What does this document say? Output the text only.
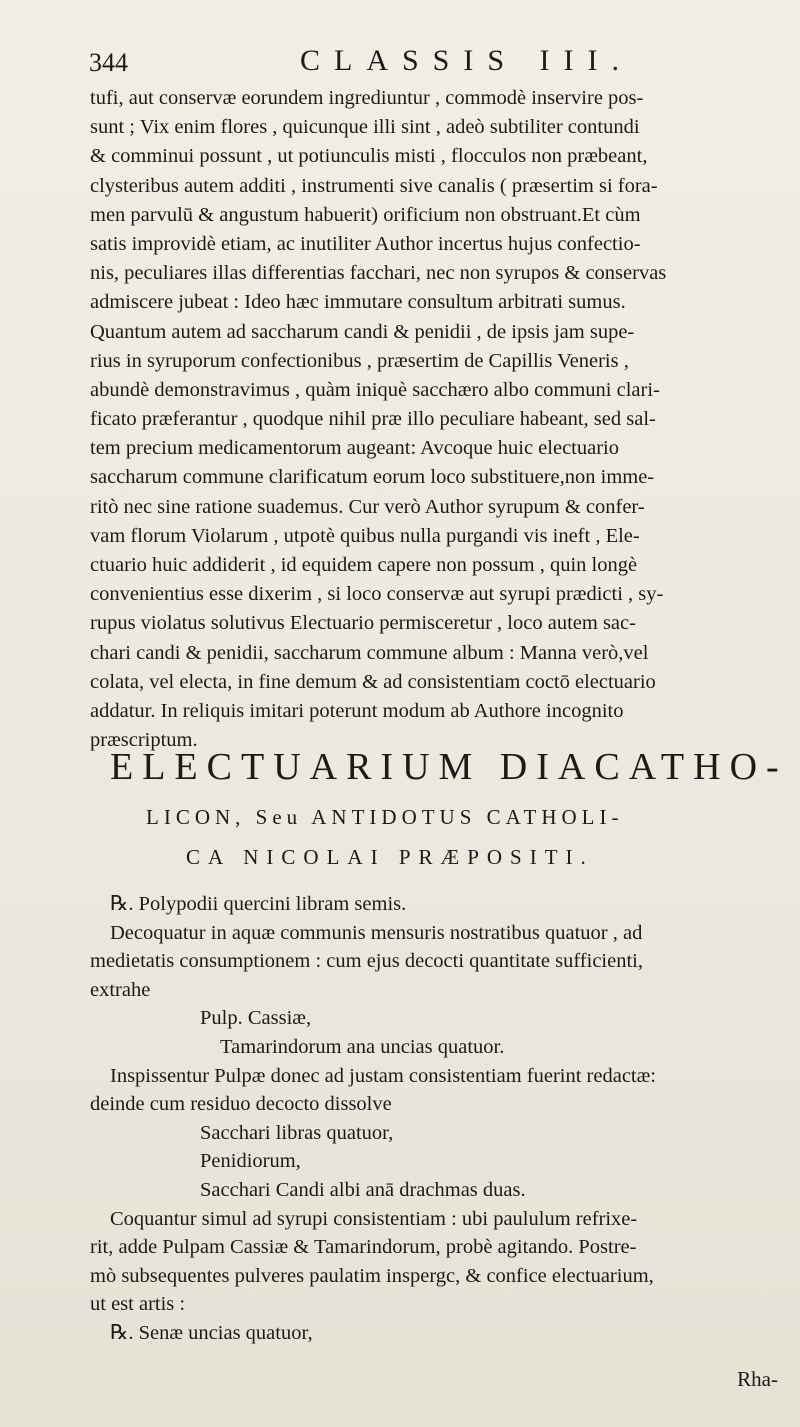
344	CLASSIS III.
tufi, aut conservæ eorundem ingrediuntur , commodè inservire pos-
sunt ; Vix enim flores , quicunque illi sint , adeò subtiliter contundi
& comminui possunt , ut potiunculis misti , flocculos non præbeant,
clysteribus autem additi , instrumenti sive canalis ( præsertim si fora-
men parvulū & angustum habuerit) orificium non obstruant.Et cùm
satis improvidè etiam, ac inutiliter Author incertus hujus confectio-
nis, peculiares illas differentias facchari, nec non syrupos & conservas
admiscere jubeat : Ideo hæc immutare consultum arbitrati sumus.
Quantum autem ad saccharum candi & penidii , de ipsis jam supe-
rius in syruporum confectionibus , præsertim de Capillis Veneris ,
abundè demonstravimus , quàm iniquè sacchæro albo communi clari-
ficato præferantur , quodque nihil præ illo peculiare habeant, sed sal-
tem precium medicamentorum augeant: Avcoque huic electuario
saccharum commune clarificatum eorum loco substituere,non imme-
ritò nec sine ratione suademus. Cur verò Author syrupum & confer-
vam florum Violarum , utpotè quibus nulla purgandi vis ineft , Ele-
ctuario huic addiderit , id equidem capere non possum , quin longè
convenientius esse dixerim , si loco conservæ aut syrupi prædicti , sy-
rupus violatus solutivus Electuario permisceretur , loco autem sac-
chari candi & penidii, saccharum commune album : Manna verò,vel
colata, vel electa, in fine demum & ad consistentiam coctō electuario
addatur. In reliquis imitari poterunt modum ab Authore incognito
præscriptum.
ELECTUARIUM DIACATHO-
LICON, Seu ANTIDOTUS CATHOLI-
CA NICOLAI PRÆPOSITI.
℞. Polypodii quercini libram semis.
Decoquatur in aquæ communis mensuris nostratibus quatuor , ad
medietatis consumptionem : cum ejus decocti quantitate sufficienti,
extrahe
Pulp. Cassiæ,
Tamarindorum ana uncias quatuor.
Inspissentur Pulpæ donec ad justam consistentiam fuerint redactæ:
deinde cum residuo decocto dissolve
Sacchari libras quatuor,
Penidiorum,
Sacchari Candi albi anā drachmas duas.
Coquantur simul ad syrupi consistentiam : ubi paululum refrixe-
rit, adde Pulpam Cassiæ & Tamarindorum, probè agitando. Postre-
mò subsequentes pulveres paulatim inspergc, & confice electuarium,
ut est artis :
℞. Senæ uncias quatuor,
Rha-
